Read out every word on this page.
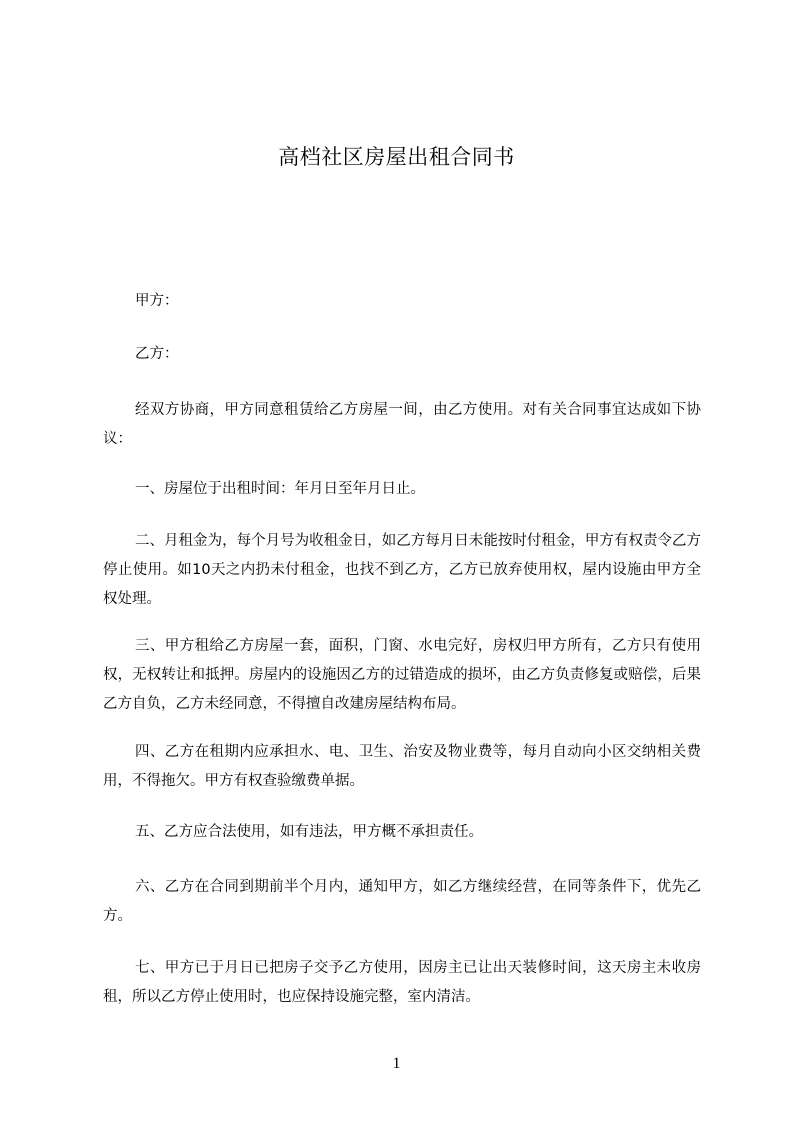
高档社区房屋出租合同书
甲方：
乙方：
经双方协商，甲方同意租赁给乙方房屋一间，由乙方使用。对有关合同事宜达成如下协议：
一、房屋位于出租时间：年月日至年月日止。
二、月租金为，每个月号为收租金日，如乙方每月日未能按时付租金，甲方有权责令乙方停止使用。如10天之内扔未付租金，也找不到乙方，乙方已放弃使用权，屋内设施由甲方全权处理。
三、甲方租给乙方房屋一套，面积，门窗、水电完好，房权归甲方所有，乙方只有使用权，无权转让和抵押。房屋内的设施因乙方的过错造成的损坏，由乙方负责修复或赔偿，后果乙方自负，乙方未经同意，不得擅自改建房屋结构布局。
四、乙方在租期内应承担水、电、卫生、治安及物业费等，每月自动向小区交纳相关费用，不得拖欠。甲方有权查验缴费单据。
五、乙方应合法使用，如有违法，甲方概不承担责任。
六、乙方在合同到期前半个月内，通知甲方，如乙方继续经营，在同等条件下，优先乙方。
七、甲方已于月日已把房子交予乙方使用，因房主已让出天装修时间，这天房主未收房租，所以乙方停止使用时，也应保持设施完整，室内清洁。
1
